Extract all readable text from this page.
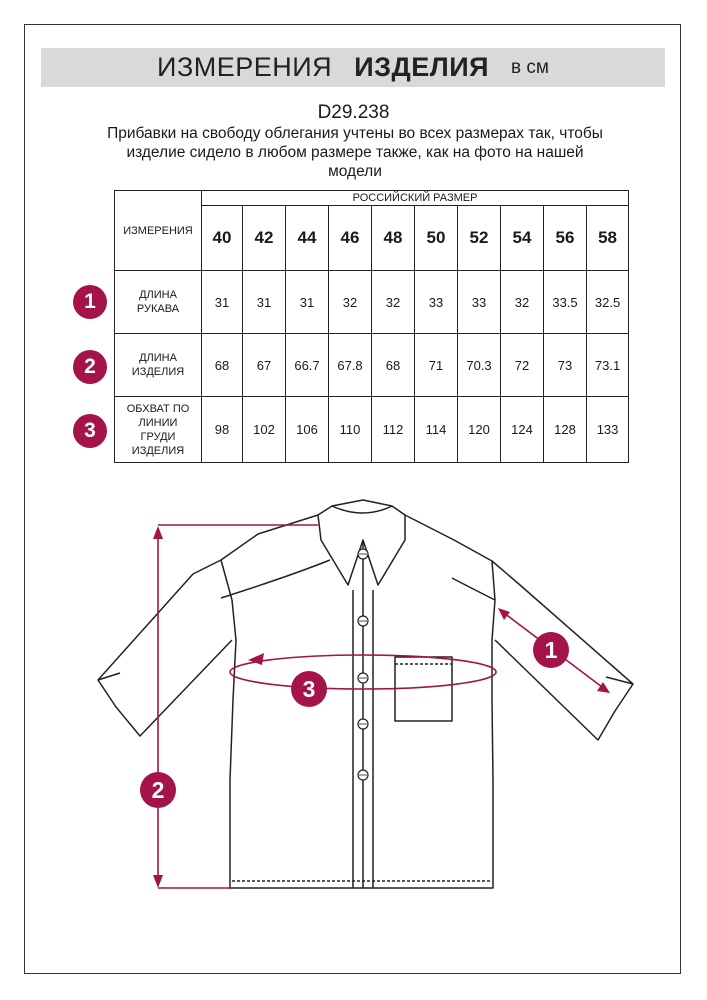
ИЗМЕРЕНИЯ ИЗДЕЛИЯ в см
D29.238
Прибавки на свободу облегания учтены во всех размерах так, чтобы изделие сидело в любом размере также, как на фото на нашей модели
ИЗМЕРЕНИЯ	РОССИЙСКИЙ РАЗМЕР									
	40	42	44	46	48	50	52	54	56	58

ДЛИНА
РУКАВА	31	31	31	32	32	33	33	32	33.5	32.5

ДЛИНА
ИЗДЕЛИЯ	68	67	66.7	67.8	68	71	70.3	72	73	73.1

ОБХВАТ ПО
ЛИНИИ
ГРУДИ
ИЗДЕЛИЯ	98	102	106	110	112	114	120	124	128	133
1
2
3
2
3
1
